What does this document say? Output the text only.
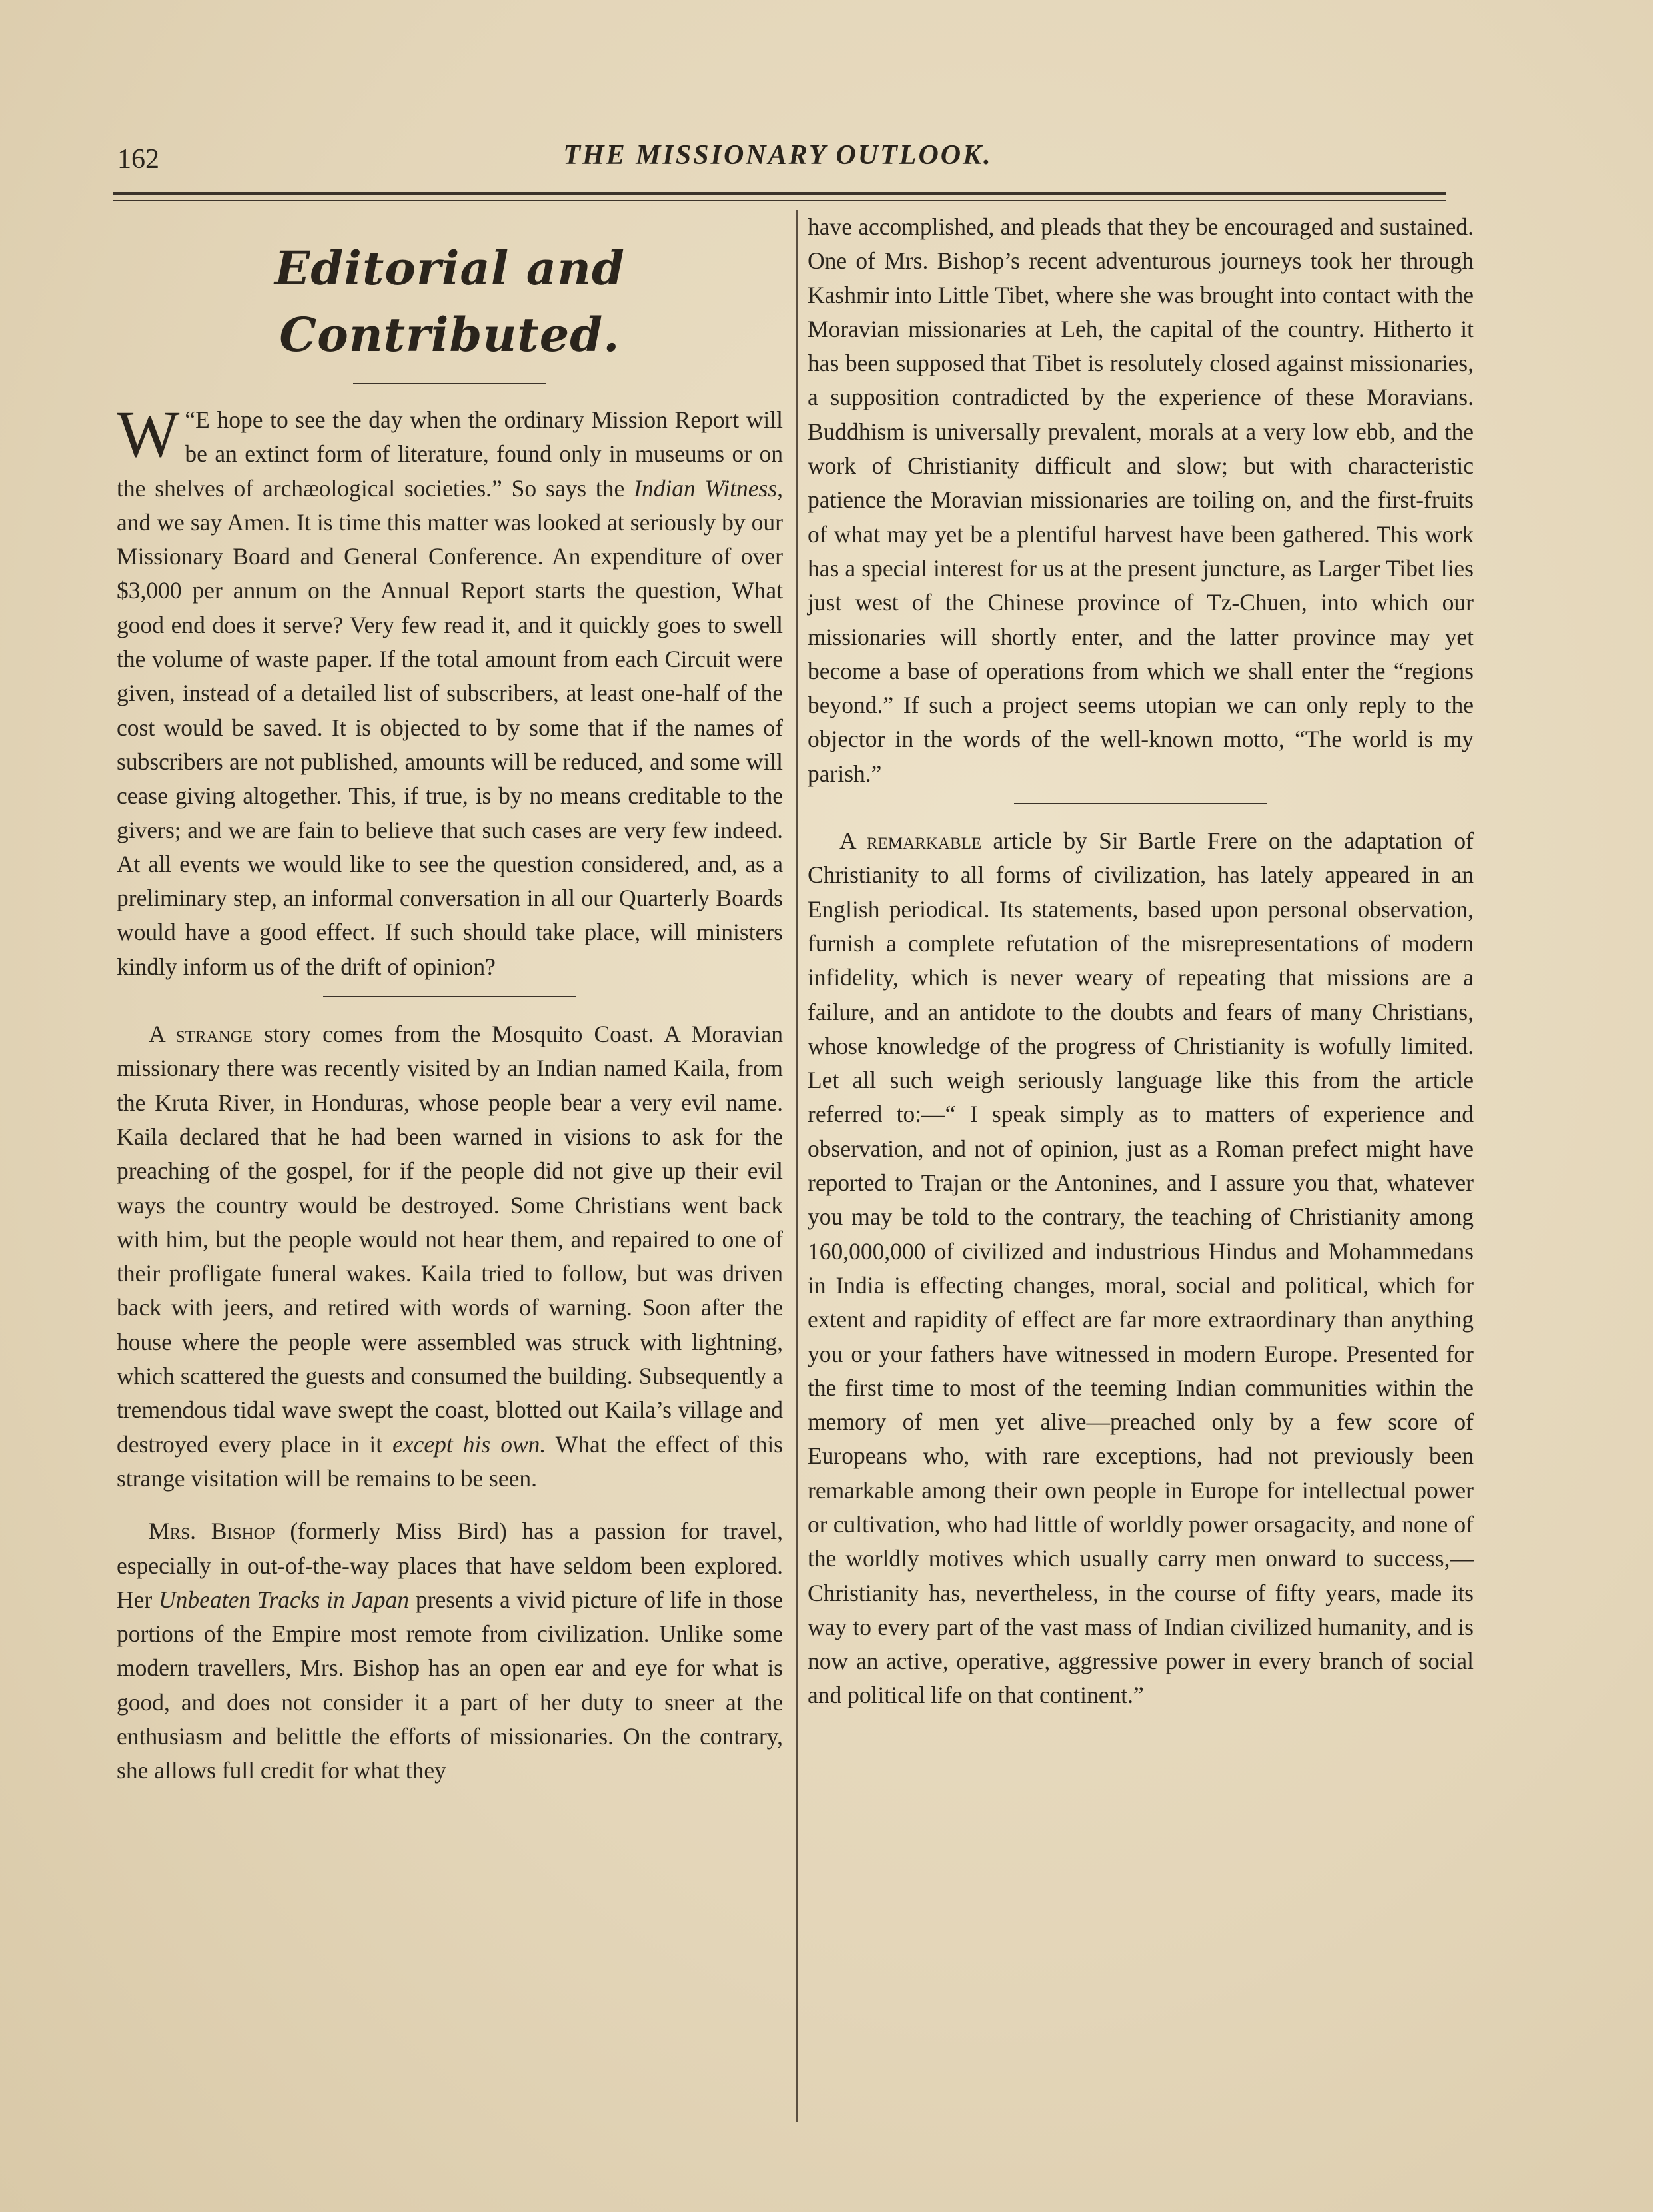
162	THE MISSIONARY OUTLOOK.
Editorial and Contributed.

“
W E hope to see the day when the ordinary Mission Report will be an extinct form of literature, found only in museums or on the shelves of archæological societies.” So says the Indian Witness, and we say Amen. It is time this matter was looked at seriously by our Missionary Board and General Conference. An expenditure of over $3,000 per annum on the Annual Report starts the question, What good end does it serve? Very few read it, and it quickly goes to swell the volume of waste paper. If the total amount from each Circuit were given, instead of a detailed list of subscribers, at least one-half of the cost would be saved. It is objected to by some that if the names of subscribers are not published, amounts will be reduced, and some will cease giving altogether. This, if true, is by no means creditable to the givers; and we are fain to believe that such cases are very few indeed. At all events we would like to see the question considered, and, as a preliminary step, an informal conversation in all our Quarterly Boards would have a good effect. If such should take place, will ministers kindly inform us of the drift of opinion?

A strange story comes from the Mosquito Coast. A Moravian missionary there was recently visited by an Indian named Kaila, from the Kruta River, in Honduras, whose people bear a very evil name. Kaila declared that he had been warned in visions to ask for the preaching of the gospel, for if the people did not give up their evil ways the country would be destroyed. Some Christians went back with him, but the people would not hear them, and repaired to one of their profligate funeral wakes. Kaila tried to follow, but was driven back with jeers, and retired with words of warning. Soon after the house where the people were assembled was struck with lightning, which scattered the guests and consumed the building. Subsequently a tremendous tidal wave swept the coast, blotted out Kaila’s village and destroyed every place in it except his own. What the effect of this strange visitation will be remains to be seen.

Mrs. Bishop (formerly Miss Bird) has a passion for travel, especially in out-of-the-way places that have seldom been explored. Her Unbeaten Tracks in Japan presents a vivid picture of life in those portions of the Empire most remote from civilization. Unlike some modern travellers, Mrs. Bishop has an open ear and eye for what is good, and does not consider it a part of her duty to sneer at the enthusiasm and belittle the efforts of missionaries. On the contrary, she allows full credit for what they

have accomplished, and pleads that they be encouraged and sustained. One of Mrs. Bishop’s recent adventurous journeys took her through Kashmir into Little Tibet, where she was brought into contact with the Moravian missionaries at Leh, the capital of the country. Hitherto it has been supposed that Tibet is resolutely closed against missionaries, a supposition contradicted by the experience of these Moravians. Buddhism is universally prevalent, morals at a very low ebb, and the work of Christianity difficult and slow; but with characteristic patience the Moravian missionaries are toiling on, and the first-fruits of what may yet be a plentiful harvest have been gathered. This work has a special interest for us at the present juncture, as Larger Tibet lies just west of the Chinese province of Tz-Chuen, into which our missionaries will shortly enter, and the latter province may yet become a base of operations from which we shall enter the “regions beyond.” If such a project seems utopian we can only reply to the objector in the words of the well-known motto, “The world is my parish.”

A remarkable article by Sir Bartle Frere on the adaptation of Christianity to all forms of civilization, has lately appeared in an English periodical. Its statements, based upon personal observation, furnish a complete refutation of the misrepresentations of modern infidelity, which is never weary of repeating that missions are a failure, and an antidote to the doubts and fears of many Christians, whose knowledge of the progress of Christianity is wofully limited. Let all such weigh seriously language like this from the article referred to:—“ I speak simply as to matters of experience and observation, and not of opinion, just as a Roman prefect might have reported to Trajan or the Antonines, and I assure you that, whatever you may be told to the contrary, the teaching of Christianity among 160,000,000 of civilized and industrious Hindus and Mohammedans in India is effecting changes, moral, social and political, which for extent and rapidity of effect are far more extraordinary than anything you or your fathers have witnessed in modern Europe. Presented for the first time to most of the teeming Indian communities within the memory of men yet alive—preached only by a few score of Europeans who, with rare exceptions, had not previously been remarkable among their own people in Europe for intellectual power or cultivation, who had little of worldly power orsagacity, and none of the worldly motives which usually carry men onward to success,—Christianity has, nevertheless, in the course of fifty years, made its way to every part of the vast mass of Indian civilized humanity, and is now an active, operative, aggressive power in every branch of social and political life on that continent.”
